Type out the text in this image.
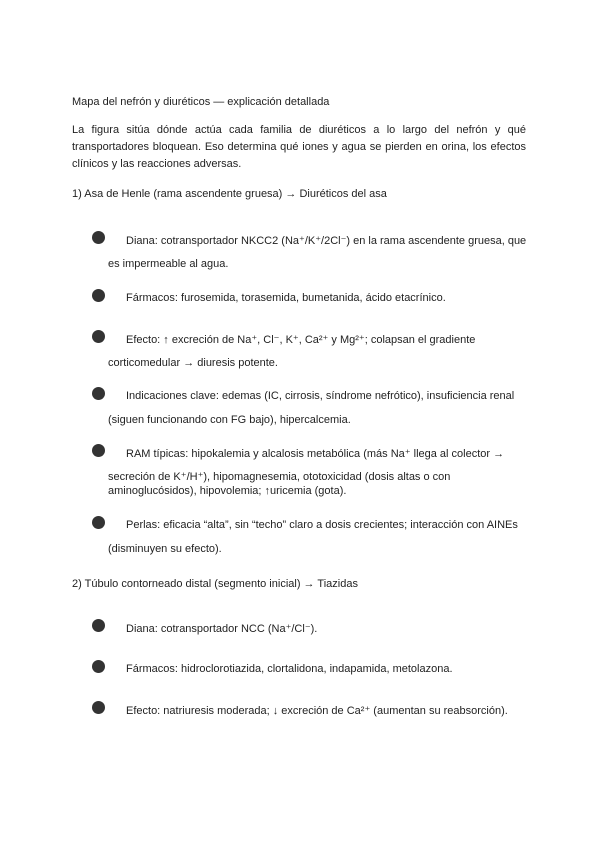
Mapa del nefrón y diuréticos — explicación detallada
La figura sitúa dónde actúa cada familia de diuréticos a lo largo del nefrón y qué transportadores bloquean. Eso determina qué iones y agua se pierden en orina, los efectos clínicos y las reacciones adversas.
1) Asa de Henle (rama ascendente gruesa) → Diuréticos del asa
Diana: cotransportador NKCC2 (Na⁺/K⁺/2Cl⁻) en la rama ascendente gruesa, que
es impermeable al agua.
Fármacos: furosemida, torasemida, bumetanida, ácido etacrínico.
Efecto: ↑ excreción de Na⁺, Cl⁻, K⁺, Ca²⁺ y Mg²⁺; colapsan el gradiente
corticomedular → diuresis potente.
Indicaciones clave: edemas (IC, cirrosis, síndrome nefrótico), insuficiencia renal
(siguen funcionando con FG bajo), hipercalcemia.
RAM típicas: hipokalemia y alcalosis metabólica (más Na⁺ llega al colector →
secreción de K⁺/H⁺), hipomagnesemia, ototoxicidad (dosis altas o con
aminoglucósidos), hipovolemia; ↑uricemia (gota).
Perlas: eficacia “alta”, sin “techo” claro a dosis crecientes; interacción con AINEs
(disminuyen su efecto).
2) Túbulo contorneado distal (segmento inicial) → Tiazidas
Diana: cotransportador NCC (Na⁺/Cl⁻).
Fármacos: hidroclorotiazida, clortalidona, indapamida, metolazona.
Efecto: natriuresis moderada; ↓ excreción de Ca²⁺ (aumentan su reabsorción).
